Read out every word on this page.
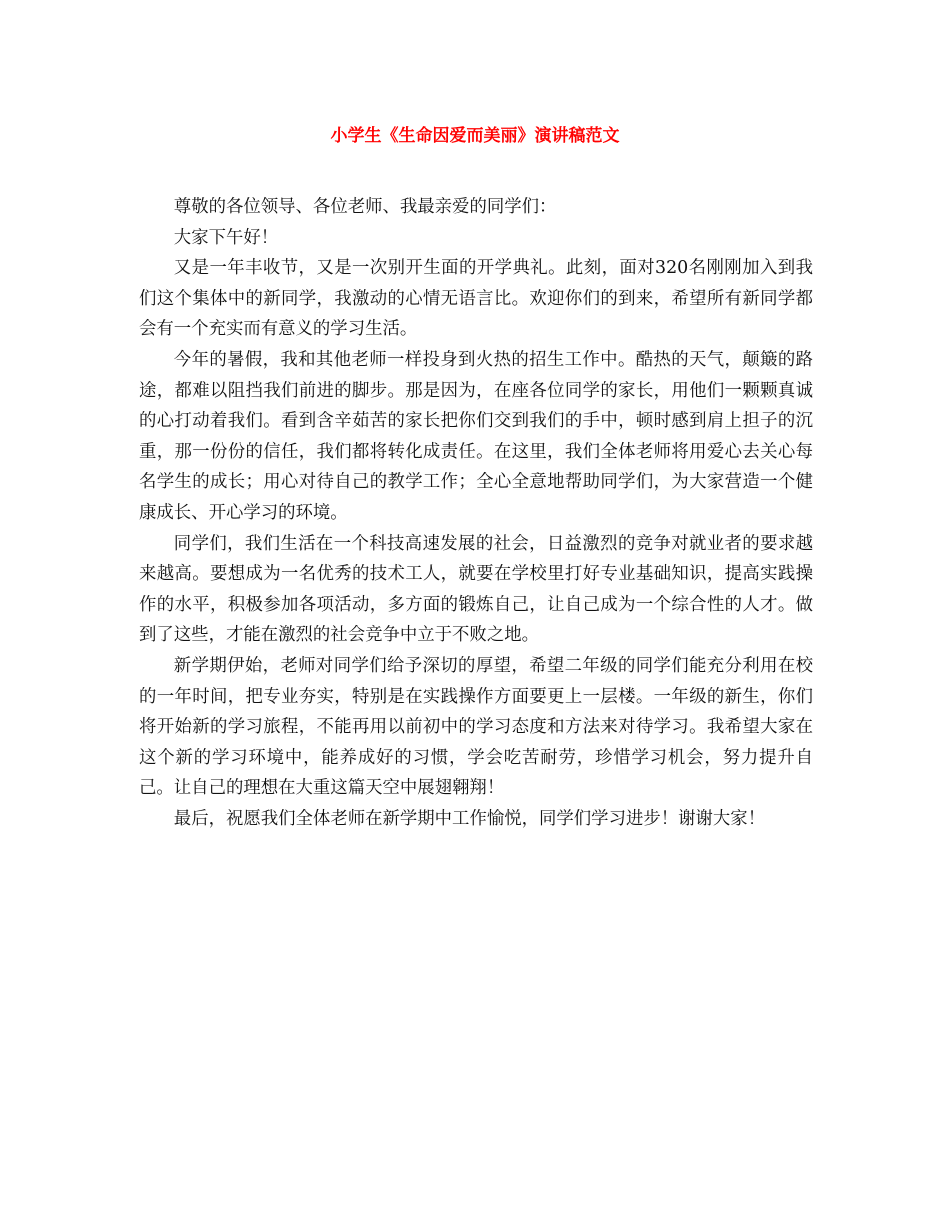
小学生《生命因爱而美丽》演讲稿范文

尊敬的各位领导、各位老师、我最亲爱的同学们：

大家下午好！

又是一年丰收节，又是一次别开生面的开学典礼。此刻，面对320名刚刚加入到我们这个集体中的新同学，我激动的心情无语言比。欢迎你们的到来，希望所有新同学都会有一个充实而有意义的学习生活。

今年的暑假，我和其他老师一样投身到火热的招生工作中。酷热的天气，颠簸的路途，都难以阻挡我们前进的脚步。那是因为，在座各位同学的家长，用他们一颗颗真诚的心打动着我们。看到含辛茹苦的家长把你们交到我们的手中，顿时感到肩上担子的沉重，那一份份的信任，我们都将转化成责任。在这里，我们全体老师将用爱心去关心每名学生的成长；用心对待自己的教学工作；全心全意地帮助同学们，为大家营造一个健康成长、开心学习的环境。

同学们，我们生活在一个科技高速发展的社会，日益激烈的竞争对就业者的要求越来越高。要想成为一名优秀的技术工人，就要在学校里打好专业基础知识，提高实践操作的水平，积极参加各项活动，多方面的锻炼自己，让自己成为一个综合性的人才。做到了这些，才能在激烈的社会竞争中立于不败之地。

新学期伊始，老师对同学们给予深切的厚望，希望二年级的同学们能充分利用在校的一年时间，把专业夯实，特别是在实践操作方面要更上一层楼。一年级的新生，你们将开始新的学习旅程，不能再用以前初中的学习态度和方法来对待学习。我希望大家在这个新的学习环境中，能养成好的习惯，学会吃苦耐劳，珍惜学习机会，努力提升自己。让自己的理想在大重这篇天空中展翅翱翔！

最后，祝愿我们全体老师在新学期中工作愉悦，同学们学习进步！谢谢大家！
